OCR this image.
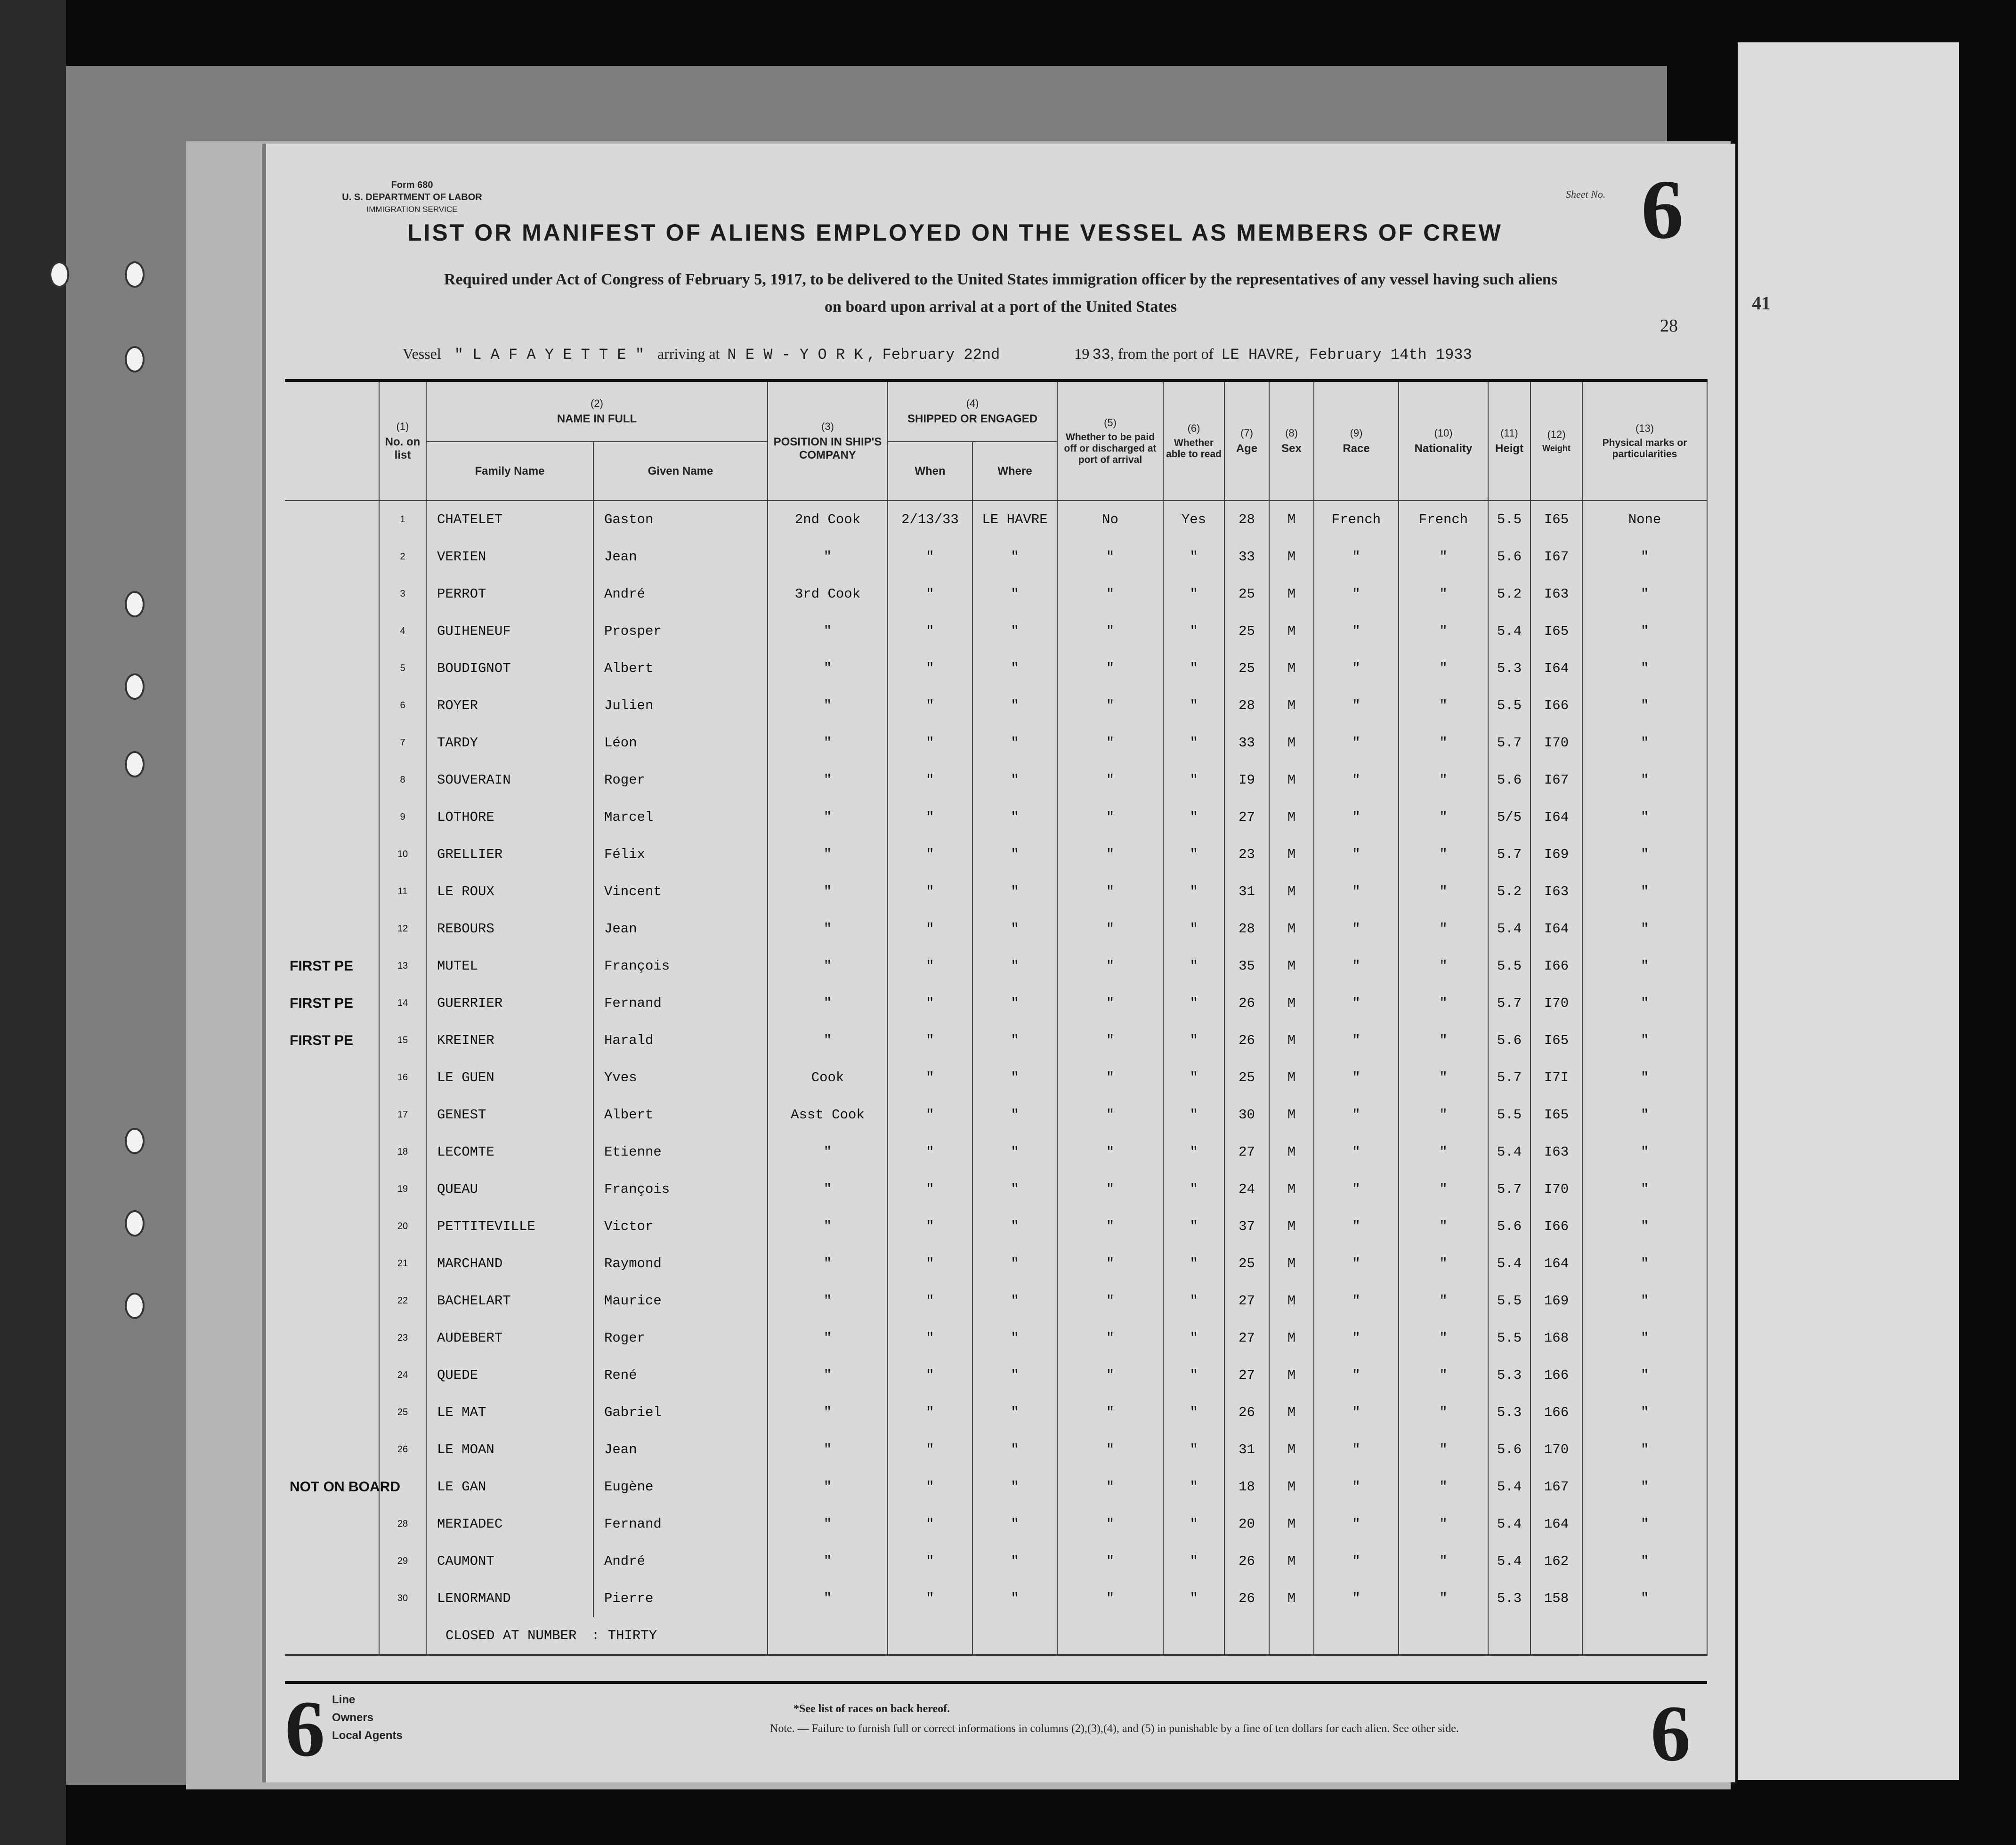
41
Form 680
U. S. DEPARTMENT OF LABOR
IMMIGRATION SERVICE
Sheet No. 6
LIST OR MANIFEST OF ALIENS EMPLOYED ON THE VESSEL AS MEMBERS OF CREW
Required under Act of Congress of February 5, 1917, to be delivered to the United States immigration officer by the representatives of any vessel having such aliens
on board upon arrival at a port of the United States
28
Vessel " L A F A Y E T T E " arriving at N E W - Y O R K , February 22nd	19 33, from the port of LE HAVRE, February 14th 1933

	(1)
No. on list	(2)
NAME IN FULL		(3)
POSITION IN SHIP'S COMPANY	(4)
SHIPPED OR ENGAGED		(5)
Whether to be paid off or discharged at port of arrival	(6)
Whether able to read	(7)
Age	(8)
Sex	(9)
Race	(10)
Nationality	(11)
Heigt	(12)
Weight	(13)
Physical marks or particularities
		Family Name	Given Name		When	Where									
	1	CHATELET	Gaston	2nd Cook	2/13/33	LE HAVRE	No	Yes	28	M	French	French	5.5	I65	None
	2	VERIEN	Jean	"	"	"	"	"	33	M	"	"	5.6	I67	"
	3	PERROT	André	3rd Cook	"	"	"	"	25	M	"	"	5.2	I63	"
	4	GUIHENEUF	Prosper	"	"	"	"	"	25	M	"	"	5.4	I65	"
	5	BOUDIGNOT	Albert	"	"	"	"	"	25	M	"	"	5.3	I64	"
	6	ROYER	Julien	"	"	"	"	"	28	M	"	"	5.5	I66	"
	7	TARDY	Léon	"	"	"	"	"	33	M	"	"	5.7	I70	"
	8	SOUVERAIN	Roger	"	"	"	"	"	I9	M	"	"	5.6	I67	"
	9	LOTHORE	Marcel	"	"	"	"	"	27	M	"	"	5/5	I64	"
	10	GRELLIER	Félix	"	"	"	"	"	23	M	"	"	5.7	I69	"
	11	LE ROUX	Vincent	"	"	"	"	"	31	M	"	"	5.2	I63	"
	12	REBOURS	Jean	"	"	"	"	"	28	M	"	"	5.4	I64	"
FIRST PE	13	MUTEL	François	"	"	"	"	"	35	M	"	"	5.5	I66	"
FIRST PE	14	GUERRIER	Fernand	"	"	"	"	"	26	M	"	"	5.7	I70	"
FIRST PE	15	KREINER	Harald	"	"	"	"	"	26	M	"	"	5.6	I65	"
	16	LE GUEN	Yves	Cook	"	"	"	"	25	M	"	"	5.7	I7I	"
	17	GENEST	Albert	Asst Cook	"	"	"	"	30	M	"	"	5.5	I65	"
	18	LECOMTE	Etienne	"	"	"	"	"	27	M	"	"	5.4	I63	"
	19	QUEAU	François	"	"	"	"	"	24	M	"	"	5.7	I70	"
	20	PETTITEVILLE	Victor	"	"	"	"	"	37	M	"	"	5.6	I66	"
	21	MARCHAND	Raymond	"	"	"	"	"	25	M	"	"	5.4	164	"
	22	BACHELART	Maurice	"	"	"	"	"	27	M	"	"	5.5	169	"
	23	AUDEBERT	Roger	"	"	"	"	"	27	M	"	"	5.5	168	"
	24	QUEDE	René	"	"	"	"	"	27	M	"	"	5.3	166	"
	25	LE MAT	Gabriel	"	"	"	"	"	26	M	"	"	5.3	166	"
	26	LE MOAN	Jean	"	"	"	"	"	31	M	"	"	5.6	170	"
NOT ON BOARD		LE GAN	Eugène	"	"	"	"	"	18	M	"	"	5.4	167	"
	28	MERIADEC	Fernand	"	"	"	"	"	20	M	"	"	5.4	164	"
	29	CAUMONT	André	"	"	"	"	"	26	M	"	"	5.4	162	"
	30	LENORMAND	Pierre	"	"	"	"	"	26	M	"	"	5.3	158	"
		CLOSED AT NUMBER : THIRTY													
6 Line
Owners
Local Agents
*See list of races on back hereof.
Note. — Failure to furnish full or correct informations in columns (2),(3),(4), and (5) in punishable by a fine of ten dollars for each alien. See other side. 6
